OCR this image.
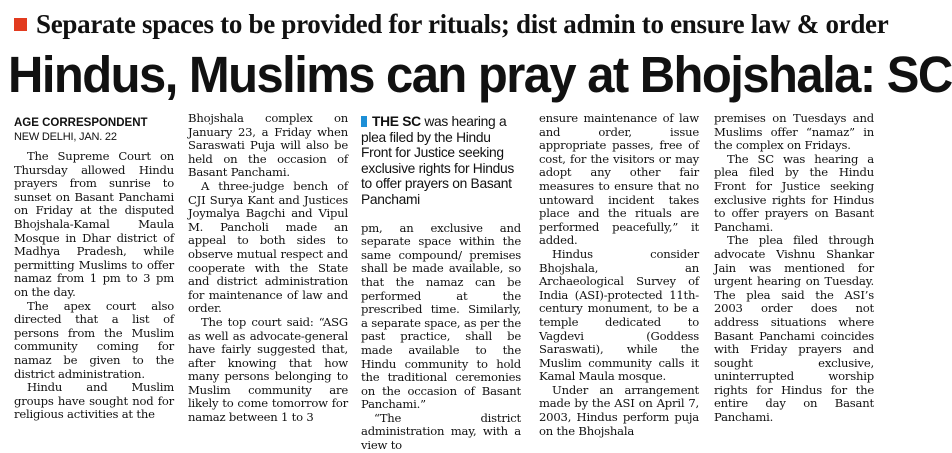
Separate spaces to be provided for rituals; dist admin to ensure law & order
Hindus, Muslims can pray at Bhojshala: SC
AGE CORRESPONDENT
NEW DELHI, JAN. 22

The Supreme Court on Thursday allowed Hindu prayers from sunrise to sunset on Basant Panchami on Friday at the disputed Bhojshala-Kamal Maula Mosque in Dhar district of Madhya Pradesh, while permitting Muslims to offer namaz from 1 pm to 3 pm on the day.

The apex court also directed that a list of persons from the Muslim community coming for namaz be given to the district administration.

Hindu and Muslim groups have sought nod for religious activities at the

Bhojshala complex on January 23, a Friday when Saraswati Puja will also be held on the occasion of Basant Panchami.

A three-judge bench of CJI Surya Kant and Justices Joymalya Bagchi and Vipul M. Pancholi made an appeal to both sides to observe mutual respect and cooperate with the State and district administration for maintenance of law and order.

The top court said: “ASG as well as advocate-general have fairly suggested that, after knowing that how many persons belonging to Muslim community are likely to come tomorrow for namaz between 1 to 3

THE SC was hearing a plea filed by the Hindu Front for Justice seeking exclusive rights for Hindus to offer prayers on Basant Panchami

pm, an exclusive and separate space within the same compound/ premises shall be made available, so that the namaz can be performed at the prescribed time. Similarly, a separate space, as per the past practice, shall be made available to the Hindu community to hold the traditional ceremonies on the occasion of Basant Panchami.”

“The district administration may, with a view to

ensure maintenance of law and order, issue appropriate passes, free of cost, for the visitors or may adopt any other fair measures to ensure that no untoward incident takes place and the rituals are performed peacefully,” it added.

Hindus consider Bhojshala, an Archaeological Survey of India (ASI)-protected 11th-century monument, to be a temple dedicated to Vagdevi (Goddess Saraswati), while the Muslim community calls it Kamal Maula mosque.

Under an arrangement made by the ASI on April 7, 2003, Hindus perform puja on the Bhojshala

premises on Tuesdays and Muslims offer “namaz” in the complex on Fridays.

The SC was hearing a plea filed by the Hindu Front for Justice seeking exclusive rights for Hindus to offer prayers on Basant Panchami.

The plea filed through advocate Vishnu Shankar Jain was mentioned for urgent hearing on Tuesday. The plea said the ASI’s 2003 order does not address situations where Basant Panchami coincides with Friday prayers and sought exclusive, uninterrupted worship rights for Hindus for the entire day on Basant Panchami.
